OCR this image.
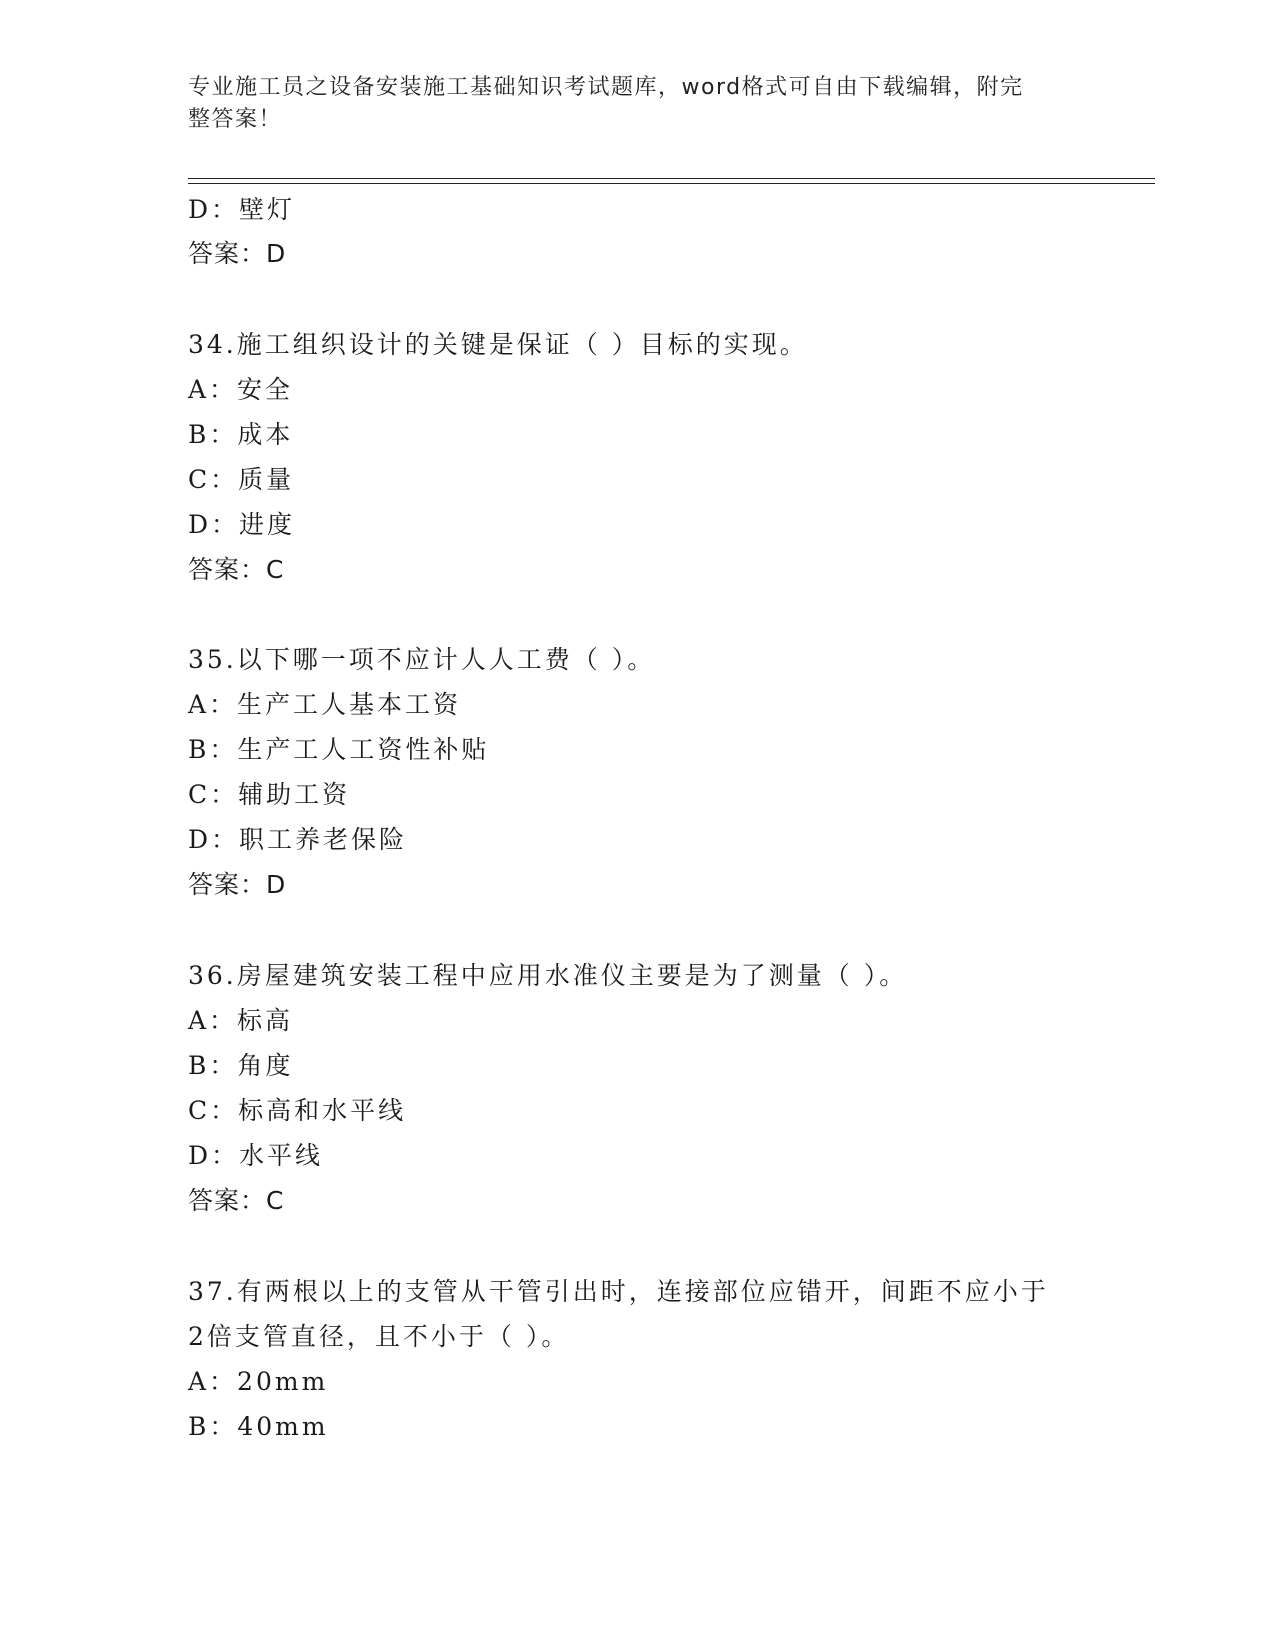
专业施工员之设备安装施工基础知识考试题库，word格式可自由下载编辑，附完
整答案！
D：壁灯
答案：D
34.施工组织设计的关键是保证（ ）目标的实现。
A：安全
B：成本
C：质量
D：进度
答案：C
35.以下哪一项不应计人人工费（ ）。
A：生产工人基本工资
B：生产工人工资性补贴
C：辅助工资
D：职工养老保险
答案：D
36.房屋建筑安装工程中应用水准仪主要是为了测量（ ）。
A：标高
B：角度
C：标高和水平线
D：水平线
答案：C
37.有两根以上的支管从干管引出时，连接部位应错开，间距不应小于
2倍支管直径，且不小于（ ）。
A：20mm
B：40mm
